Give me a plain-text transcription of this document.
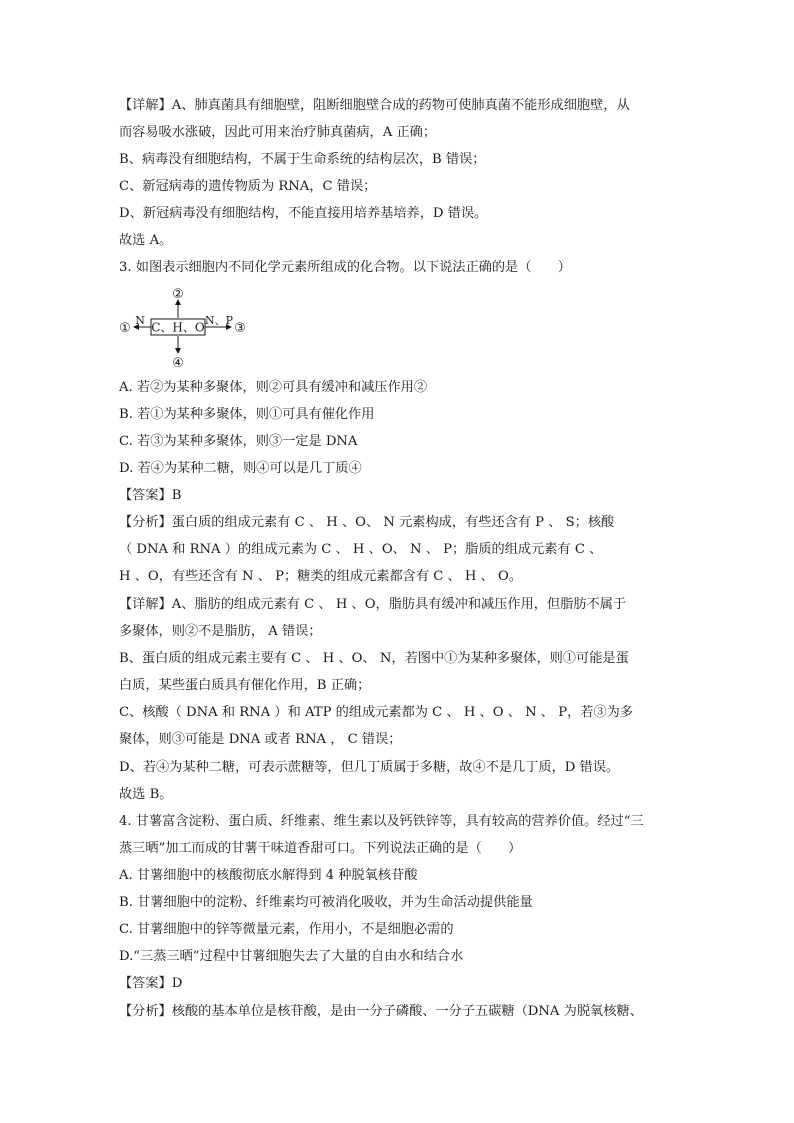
【详解】A、肺真菌具有细胞壁，阻断细胞壁合成的药物可使肺真菌不能形成细胞壁，从
而容易吸水涨破，因此可用来治疗肺真菌病，A 正确；
B、病毒没有细胞结构，不属于生命系统的结构层次，B 错误；
C、新冠病毒的遗传物质为 RNA，C 错误；
D、新冠病毒没有细胞结构，不能直接用培养基培养，D 错误。
故选 A。
3. 如图表示细胞内不同化学元素所组成的化合物。以下说法正确的是（　　）
C、H、O
N	N、P
①
②
③
④
A. 若②为某种多聚体，则②可具有缓冲和减压作用②
B. 若①为某种多聚体，则①可具有催化作用
C. 若③为某种多聚体，则③一定是 DNA
D. 若④为某种二糖，则④可以是几丁质④
【答案】B
【分析】蛋白质的组成元素有 C 、 H 、O、 N 元素构成，有些还含有 P 、 S；核酸
（ DNA 和 RNA ）的组成元素为 C 、 H 、O、 N 、 P；脂质的组成元素有 C 、
H 、O，有些还含有 N 、 P；糖类的组成元素都含有 C 、 H 、 O。
【详解】A、脂肪的组成元素有 C 、 H 、O，脂肪具有缓冲和减压作用，但脂肪不属于
多聚体，则②不是脂肪， A 错误；
B、蛋白质的组成元素主要有 C 、 H 、O、 N，若图中①为某种多聚体，则①可能是蛋
白质，某些蛋白质具有催化作用，B 正确；
C、核酸（ DNA 和 RNA ）和 ATP 的组成元素都为 C 、 H 、O 、 N 、 P，若③为多
聚体，则③可能是 DNA 或者 RNA ， C 错误；
D、若④为某种二糖，可表示蔗糖等，但几丁质属于多糖，故④不是几丁质，D 错误。
故选 B。
4. 甘薯富含淀粉、蛋白质、纤维素、维生素以及钙铁锌等，具有较高的营养价值。经过“三
蒸三晒”加工而成的甘薯干味道香甜可口。下列说法正确的是（　　）
A. 甘薯细胞中的核酸彻底水解得到 4 种脱氧核苷酸
B. 甘薯细胞中的淀粉、纤维素均可被消化吸收，并为生命活动提供能量
C. 甘薯细胞中的锌等微量元素，作用小，不是细胞必需的
D.“三蒸三晒”过程中甘薯细胞失去了大量的自由水和结合水
【答案】D
【分析】核酸的基本单位是核苷酸，是由一分子磷酸、一分子五碳糖（DNA 为脱氧核糖、
